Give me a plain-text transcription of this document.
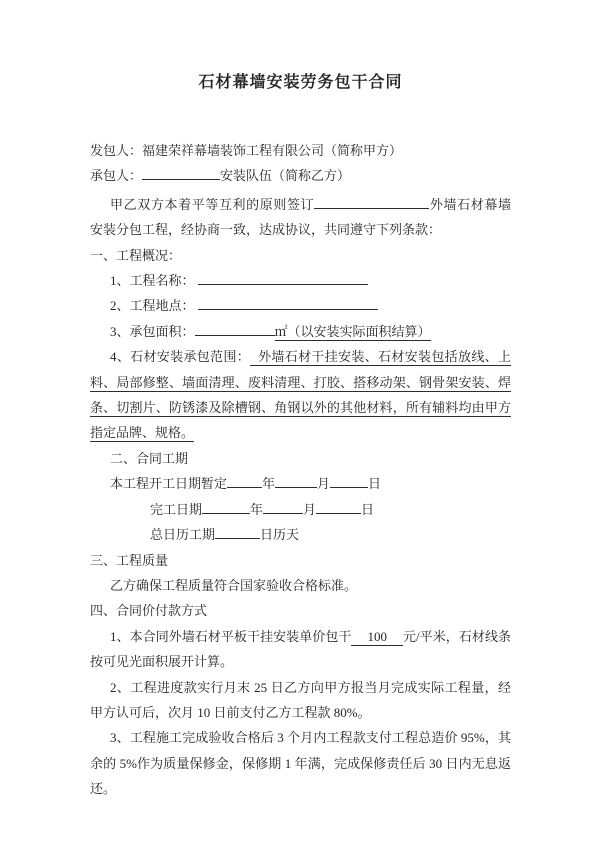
石材幕墙安装劳务包干合同

发包人：福建荣祥幕墙装饰工程有限公司（简称甲方）

承包人：	安装队伍（简称乙方）

甲乙双方本着平等互利的原则签订	外墙石材幕墙安装分包工程，经协商一致，达成协议，共同遵守下列条款：

一、工程概况：

1、工程名称：

2、工程地点：

3、承包面积：	㎡（以安装实际面积结算）

4、石材安装承包范围： 外墙石材干挂安装、石材安装包括放线、上料、局部修整、墙面清理、废料清理、打胶、搭移动架、钢骨架安装、焊条、切割片、防锈漆及除槽钢、角钢以外的其他材料，所有辅料均由甲方指定品牌、规格。

二、合同工期

本工程开工日期暂定	年	月	日

完工日期	年	月	日

总日历工期	日历天

三、工程质量

乙方确保工程质量符合国家验收合格标准。

四、合同价付款方式

1、本合同外墙石材平板干挂安装单价包干 100 元/平米，石材线条按可见光面积展开计算。

2、工程进度款实行月末 25 日乙方向甲方报当月完成实际工程量，经甲方认可后，次月 10 日前支付乙方工程款 80%。

3、工程施工完成验收合格后 3 个月内工程款支付工程总造价 95%，其余的 5%作为质量保修金，保修期 1 年满，完成保修责任后 30 日内无息返还。
